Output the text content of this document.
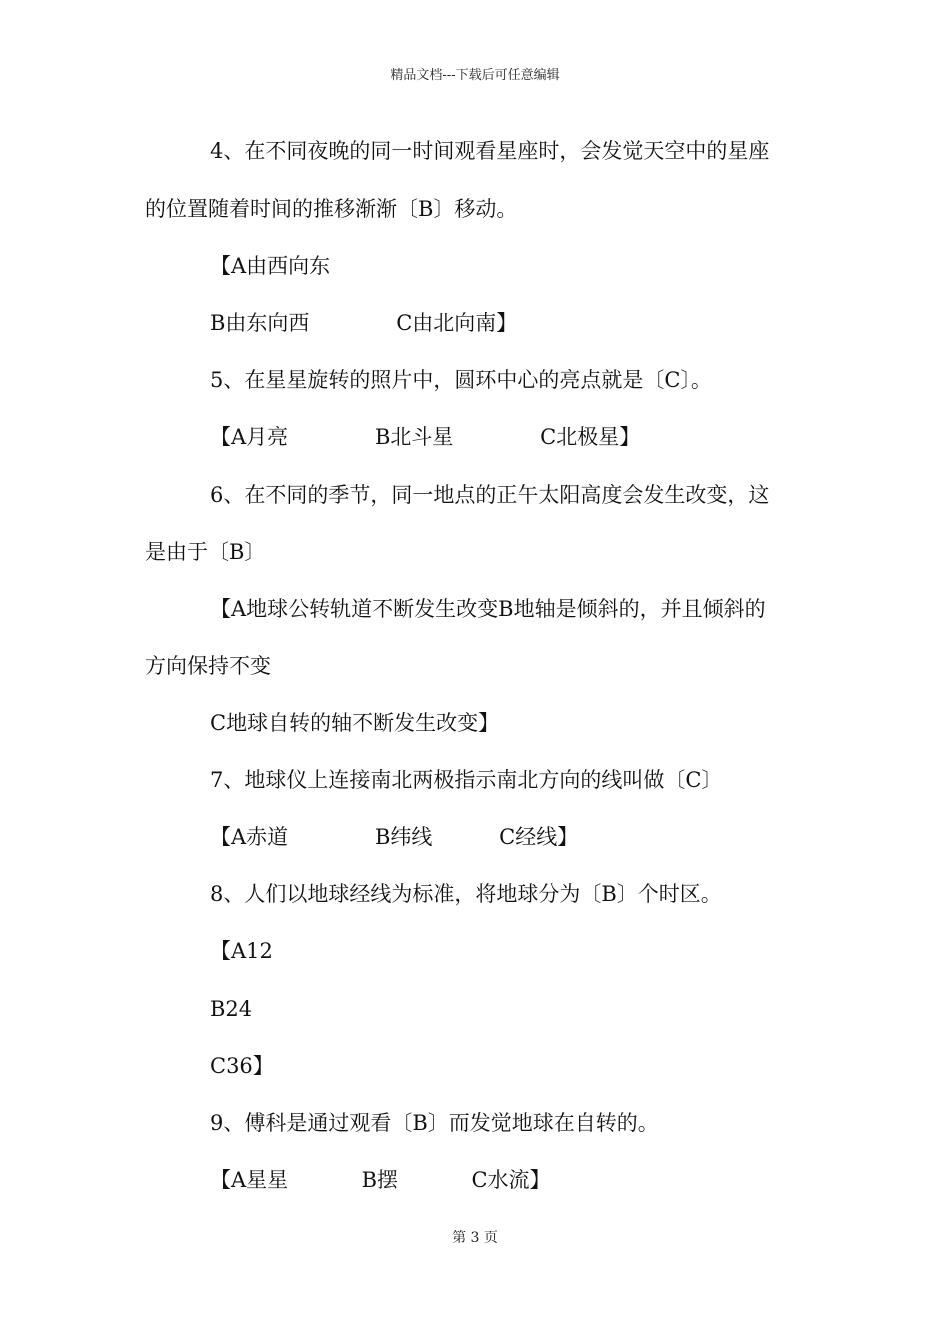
精品文档---下载后可任意编辑
4、在不同夜晚的同一时间观看星座时，会发觉天空中的星座
的位置随着时间的推移渐渐〔B〕移动。
【A由西向东
B由东向西             C由北向南】
5、在星星旋转的照片中，圆环中心的亮点就是〔C〕。
【A月亮             B北斗星             C北极星】
6、在不同的季节，同一地点的正午太阳高度会发生改变，这
是由于〔B〕
【A地球公转轨道不断发生改变B地轴是倾斜的，并且倾斜的
方向保持不变
C地球自转的轴不断发生改变】
7、地球仪上连接南北两极指示南北方向的线叫做〔C〕
【A赤道             B纬线          C经线】
8、人们以地球经线为标准，将地球分为〔B〕个时区。
【A12
B24
C36】
9、傅科是通过观看〔B〕而发觉地球在自转的。
【A星星           B摆           C水流】
第 3 页
